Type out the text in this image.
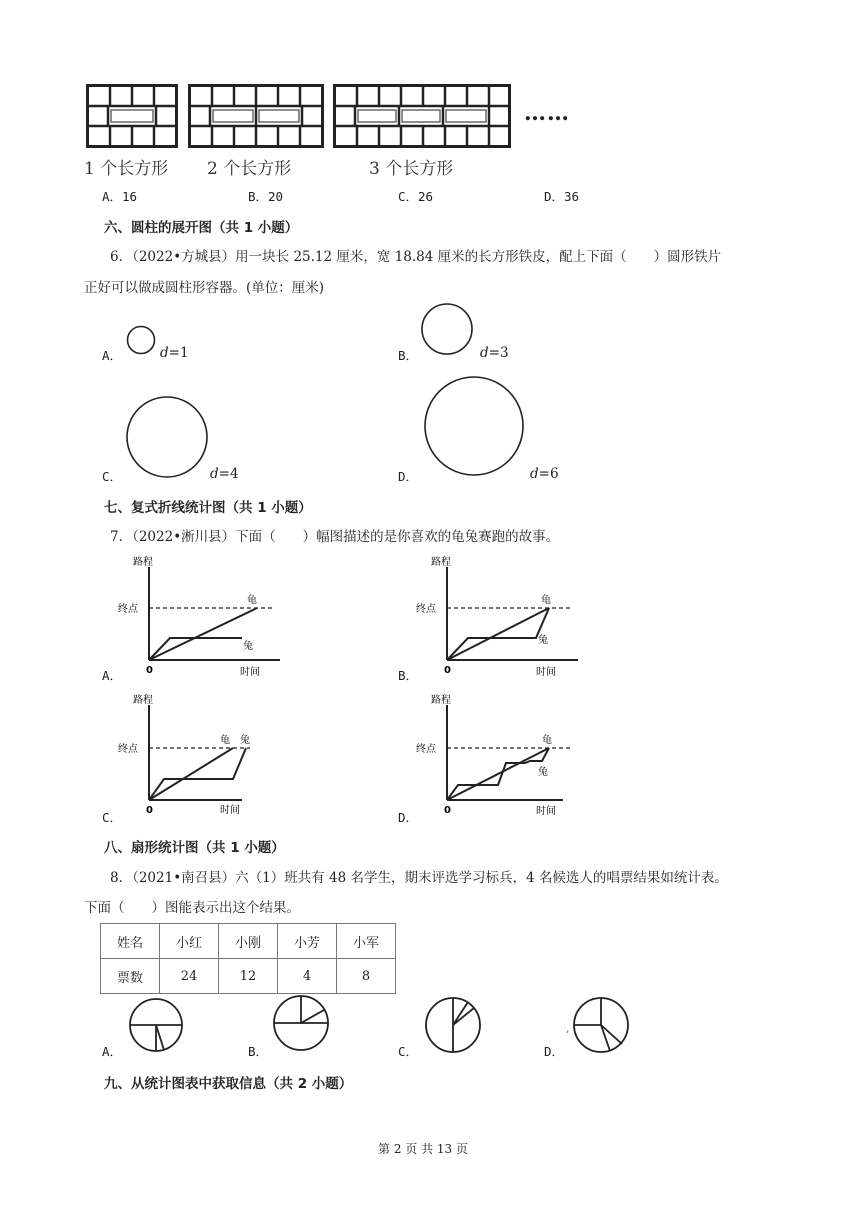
……
1 个长方形 2 个长方形	3 个长方形
A．16	B．20	C．26	D．36
六、圆柱的展开图（共 1 小题）
6．（2022•方城县）用一块长 25.12 厘米，宽 18.84 厘米的长方形铁皮，配上下面（　　）圆形铁片
正好可以做成圆柱形容器。(单位：厘米)
A．	d=1	B．	d=3
C．	d=4	D．	d=6
七、复式折线统计图（共 1 小题）
7．（2022•淅川县）下面（　　）幅图描述的是你喜欢的龟兔赛跑的故事。
路程
终点
龟
兔
0	时间
A．
路程
终点
龟
兔
0	时间
B．
路程
终点
龟 兔
0	时间
C．
路程
终点
龟
兔
0	时间
D．
八、扇形统计图（共 1 小题）
8．（2021•南召县）六（1）班共有 48 名学生，期末评选学习标兵，4 名候选人的唱票结果如统计表。
下面（　　）图能表示出这个结果。
姓名	小红	小刚	小芳	小军
票数	24	12	4	8
A．	B．	C．
,
D．
九、从统计图表中获取信息（共 2 小题）
第 2 页 共 13 页
